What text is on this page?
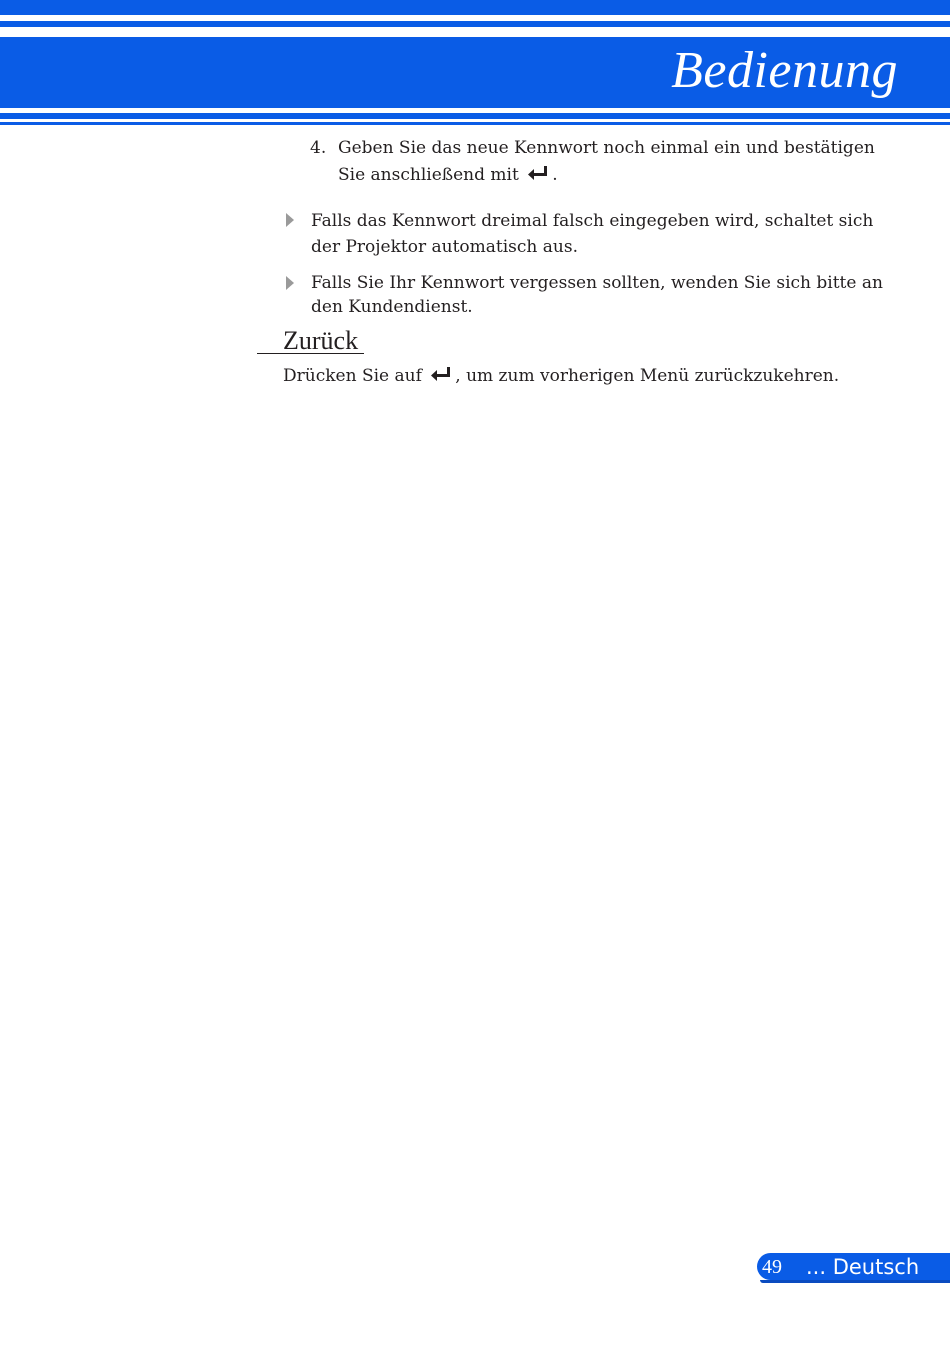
Bedienung
4. Geben Sie das neue Kennwort noch einmal ein und bestätigen Sie anschließend mit .
Falls das Kennwort dreimal falsch eingegeben wird, schaltet sich der Projektor automatisch aus.
Falls Sie Ihr Kennwort vergessen sollten, wenden Sie sich bitte an den Kundendienst.
Zurück
Drücken Sie auf , um zum vorherigen Menü zurückzukehren.
49 ... Deutsch
